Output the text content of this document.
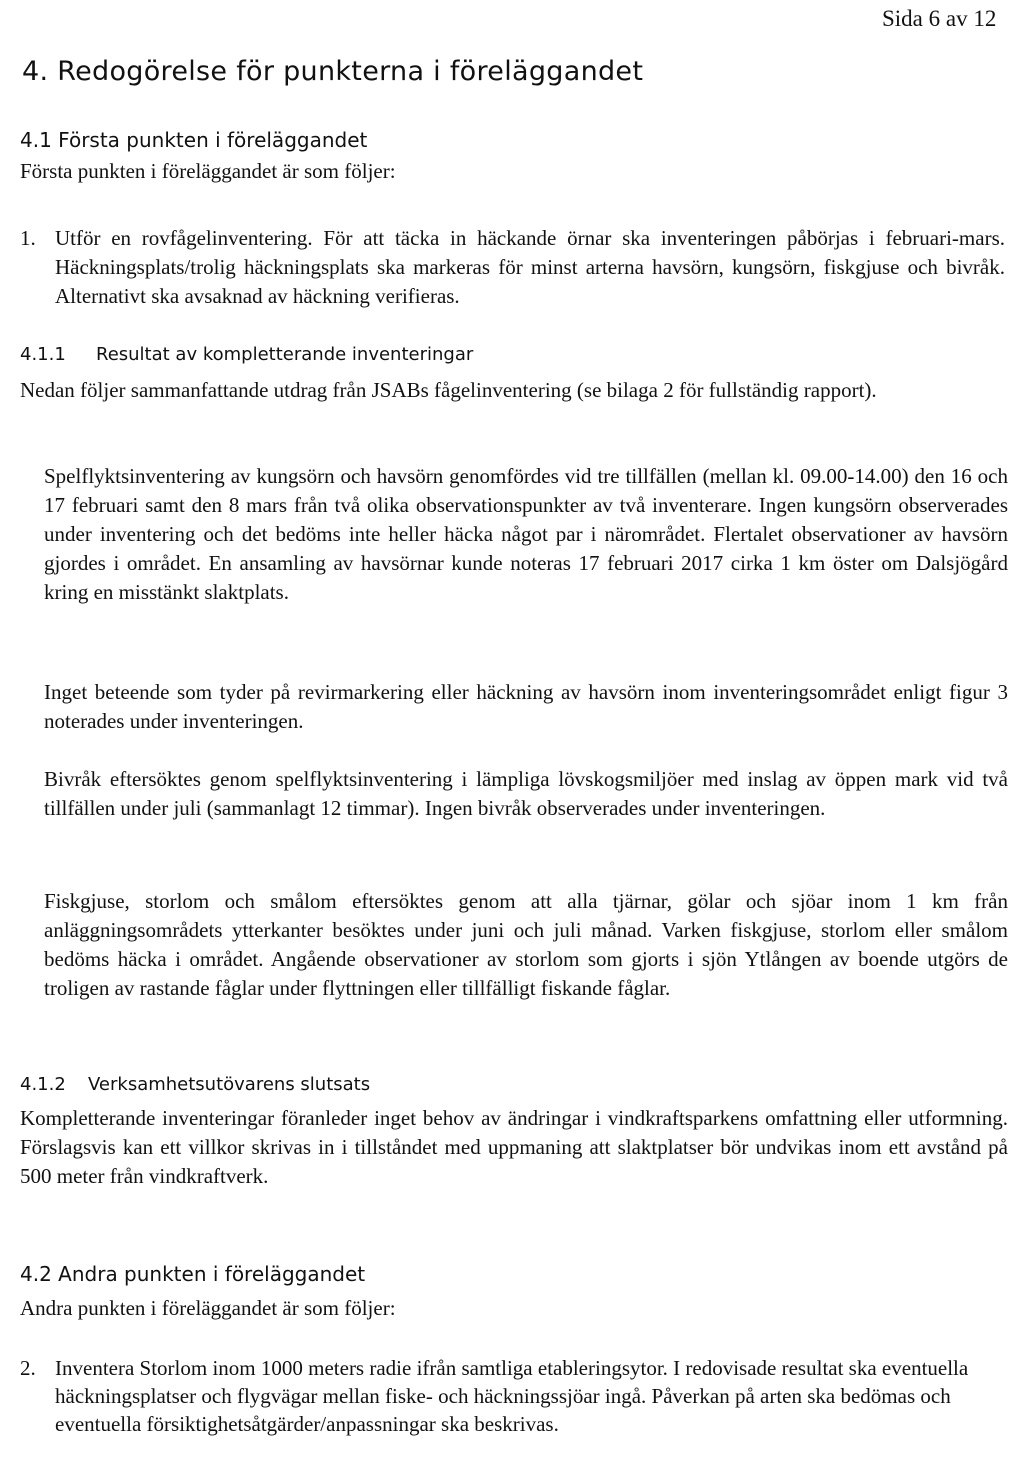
Sida 6 av 12
4. Redogörelse för punkterna i föreläggandet
4.1 Första punkten i föreläggandet
Första punkten i föreläggandet är som följer:
1. Utför en rovfågelinventering. För att täcka in häckande örnar ska inventeringen påbörjas i februari-mars. Häckningsplats/trolig häckningsplats ska markeras för minst arterna havsörn, kungsörn, fiskgjuse och bivråk. Alternativt ska avsaknad av häckning verifieras.
4.1.1 Resultat av kompletterande inventeringar
Nedan följer sammanfattande utdrag från JSABs fågelinventering (se bilaga 2 för fullständig rapport).
Spelflyktsinventering av kungsörn och havsörn genomfördes vid tre tillfällen (mellan kl. 09.00-14.00) den 16 och 17 februari samt den 8 mars från två olika observationspunkter av två inventerare. Ingen kungsörn observerades under inventering och det bedöms inte heller häcka något par i närområdet. Flertalet observationer av havsörn gjordes i området. En ansamling av havsörnar kunde noteras 17 februari 2017 cirka 1 km öster om Dalsjögård kring en misstänkt slaktplats.
Inget beteende som tyder på revirmarkering eller häckning av havsörn inom inventeringsområdet enligt figur 3 noterades under inventeringen.
Bivråk eftersöktes genom spelflyktsinventering i lämpliga lövskogsmiljöer med inslag av öppen mark vid två tillfällen under juli (sammanlagt 12 timmar). Ingen bivråk observerades under inventeringen.
Fiskgjuse, storlom och smålom eftersöktes genom att alla tjärnar, gölar och sjöar inom 1 km från anläggningsområdets ytterkanter besöktes under juni och juli månad. Varken fiskgjuse, storlom eller smålom bedöms häcka i området. Angående observationer av storlom som gjorts i sjön Ytlången av boende utgörs de troligen av rastande fåglar under flyttningen eller tillfälligt fiskande fåglar.
4.1.2 Verksamhetsutövarens slutsats
Kompletterande inventeringar föranleder inget behov av ändringar i vindkraftsparkens omfattning eller utformning. Förslagsvis kan ett villkor skrivas in i tillståndet med uppmaning att slaktplatser bör undvikas inom ett avstånd på 500 meter från vindkraftverk.
4.2 Andra punkten i föreläggandet
Andra punkten i föreläggandet är som följer:
2. Inventera Storlom inom 1000 meters radie ifrån samtliga etableringsytor. I redovisade resultat ska eventuella häckningsplatser och flygvägar mellan fiske- och häckningssjöar ingå. Påverkan på arten ska bedömas och eventuella försiktighetsåtgärder/anpassningar ska beskrivas.
